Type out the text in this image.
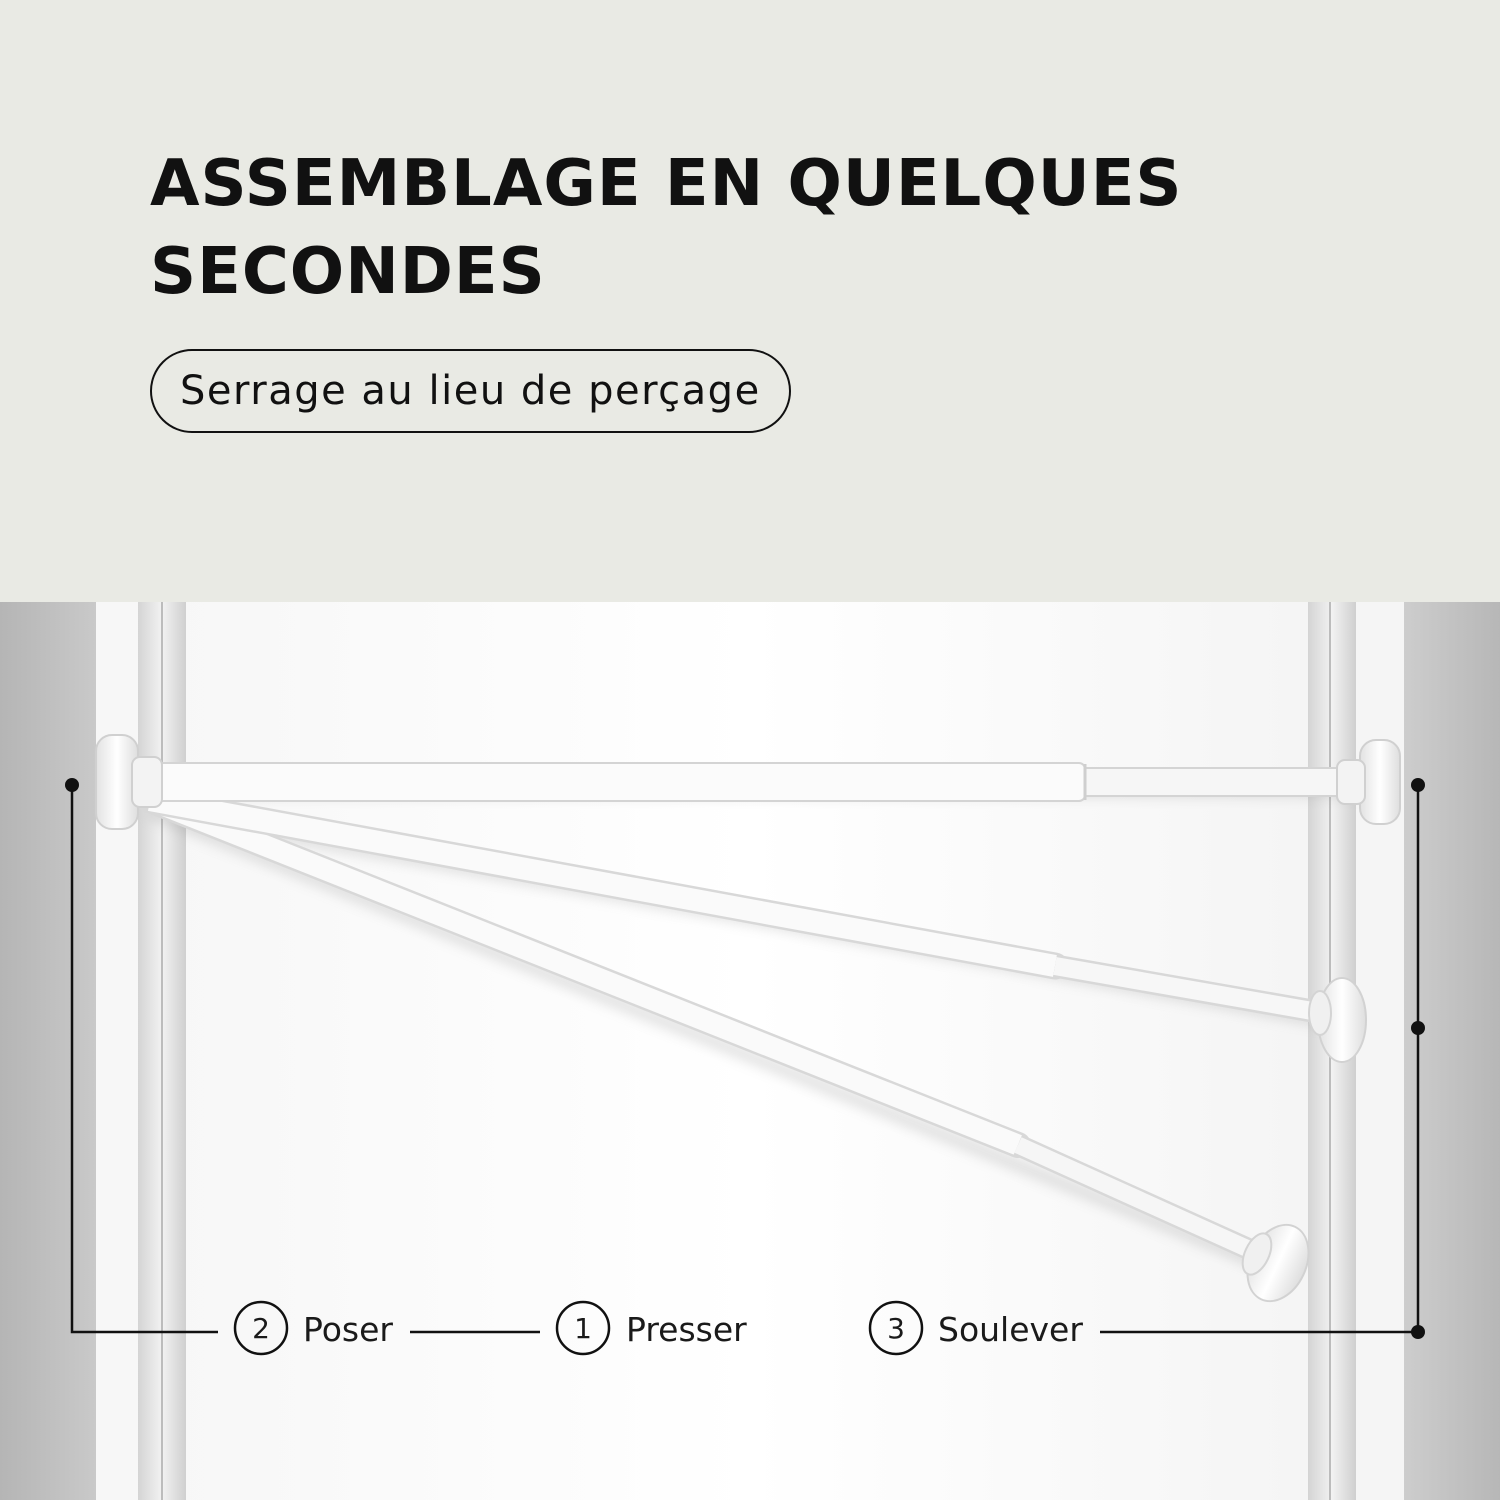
ASSEMBLAGE EN QUELQUES
SECONDES
Serrage au lieu de perçage
2 Poser	1 Presser	3 Soulever
